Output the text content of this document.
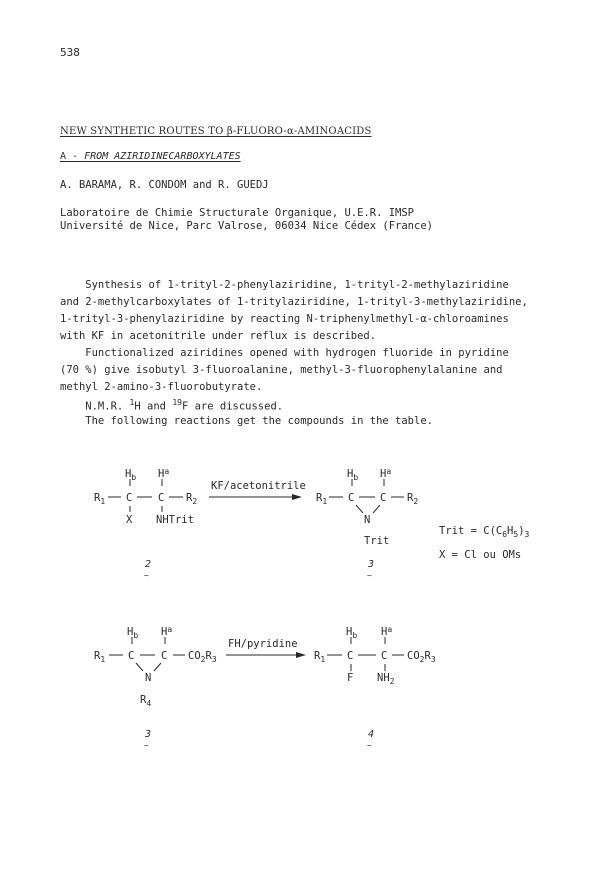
538
NEW SYNTHETIC ROUTES TO β-FLUORO-α-AMINOACIDS
A - FROM AZIRIDINECARBOXYLATES
A. BARAMA, R. CONDOM and R. GUEDJ
Laboratoire de Chimie Structurale Organique, U.E.R. IMSP
Université de Nice, Parc Valrose, 06034 Nice Cédex (France)
Synthesis of 1-trityl-2-phenylaziridine, 1-trityl-2-methylaziridine
and 2-methylcarboxylates of 1-tritylaziridine, 1-trityl-3-methylaziridine,
1-trityl-3-phenylaziridine by reacting N-triphenylmethyl-α-chloroamines
with KF in acetonitrile under reflux is described.
Functionalized aziridines opened with hydrogen fluoride in pyridine
(70 %) give isobutyl 3-fluoroalanine, methyl-3-fluorophenylalanine and
methyl 2-amino-3-fluorobutyrate.
N.M.R. $^1$H and $^{19}$F are discussed.
The following reactions get the compounds in the table.
$H_b$ $H^a$
$R_1$ C C $R_2$
X NHTrit
KF/acetonitrile
$H_b$ $H^a$
$R_1$ C C $R_2$
N
Trit
Trit = $C(C_6H_5)_3$
X = Cl ou OMs
2
~
3
~
$H_b$ $H^a$
$R_1$ C	C $CO_2R_3$
N
$R_4$
FH/pyridine
$H_b$ $H^a$
$R_1$ C	C $CO_2R_3$
F $NH_2$
3
~
4
~
